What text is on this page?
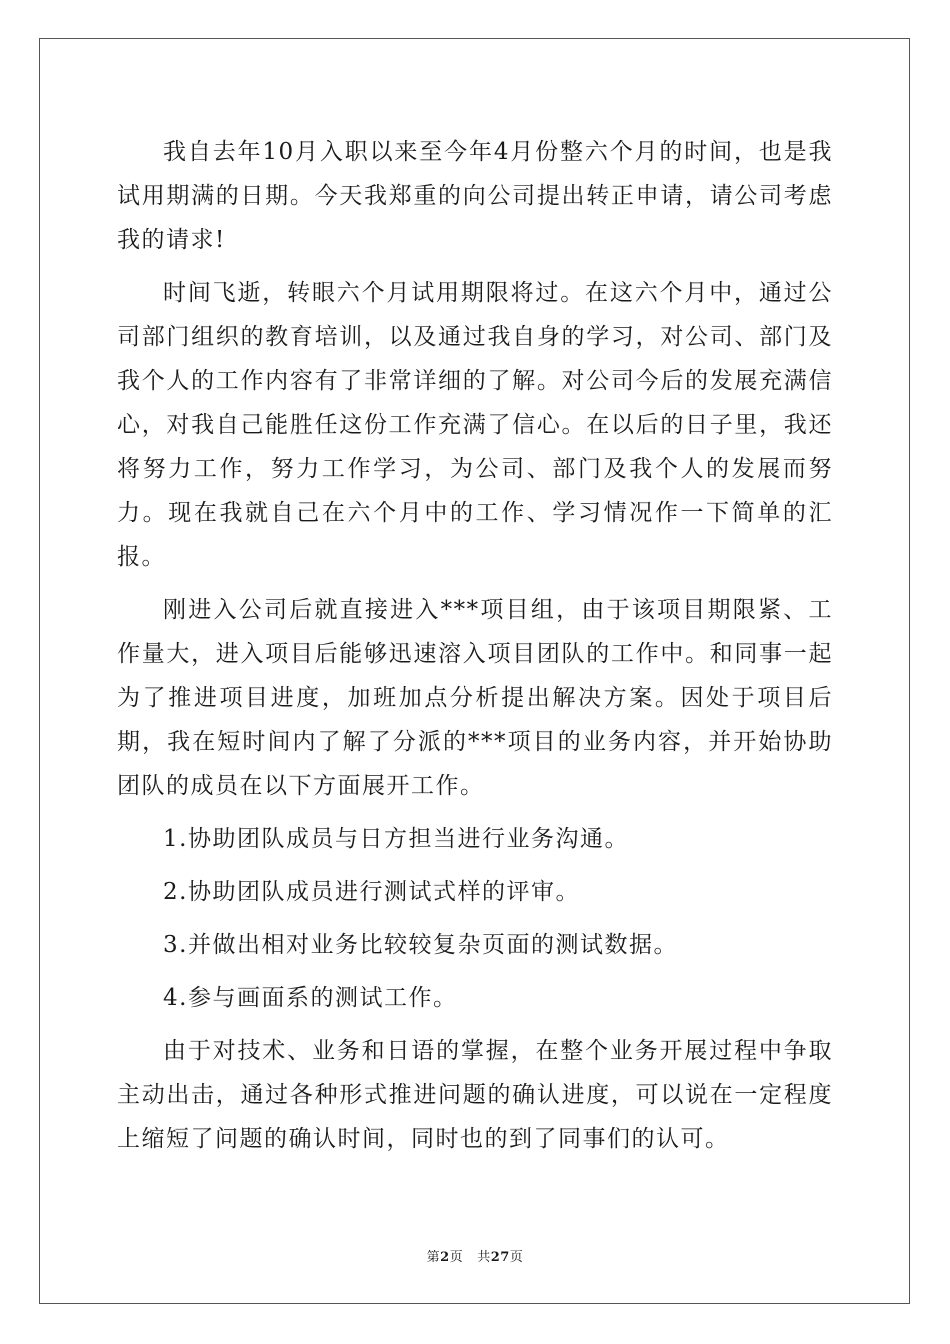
我自去年10月入职以来至今年4月份整六个月的时间，也是我试用期满的日期。今天我郑重的向公司提出转正申请，请公司考虑我的请求!

时间飞逝，转眼六个月试用期限将过。在这六个月中，通过公司部门组织的教育培训，以及通过我自身的学习，对公司、部门及我个人的工作内容有了非常详细的了解。对公司今后的发展充满信心，对我自己能胜任这份工作充满了信心。在以后的日子里，我还将努力工作，努力工作学习，为公司、部门及我个人的发展而努力。现在我就自己在六个月中的工作、学习情况作一下简单的汇报。

刚进入公司后就直接进入***项目组，由于该项目期限紧、工作量大，进入项目后能够迅速溶入项目团队的工作中。和同事一起为了推进项目进度，加班加点分析提出解决方案。因处于项目后期，我在短时间内了解了分派的***项目的业务内容，并开始协助团队的成员在以下方面展开工作。

1.协助团队成员与日方担当进行业务沟通。

2.协助团队成员进行测试式样的评审。

3.并做出相对业务比较较复杂页面的测试数据。

4.参与画面系的测试工作。

由于对技术、业务和日语的掌握，在整个业务开展过程中争取主动出击，通过各种形式推进问题的确认进度，可以说在一定程度上缩短了问题的确认时间，同时也的到了同事们的认可。

第2页 共27页
